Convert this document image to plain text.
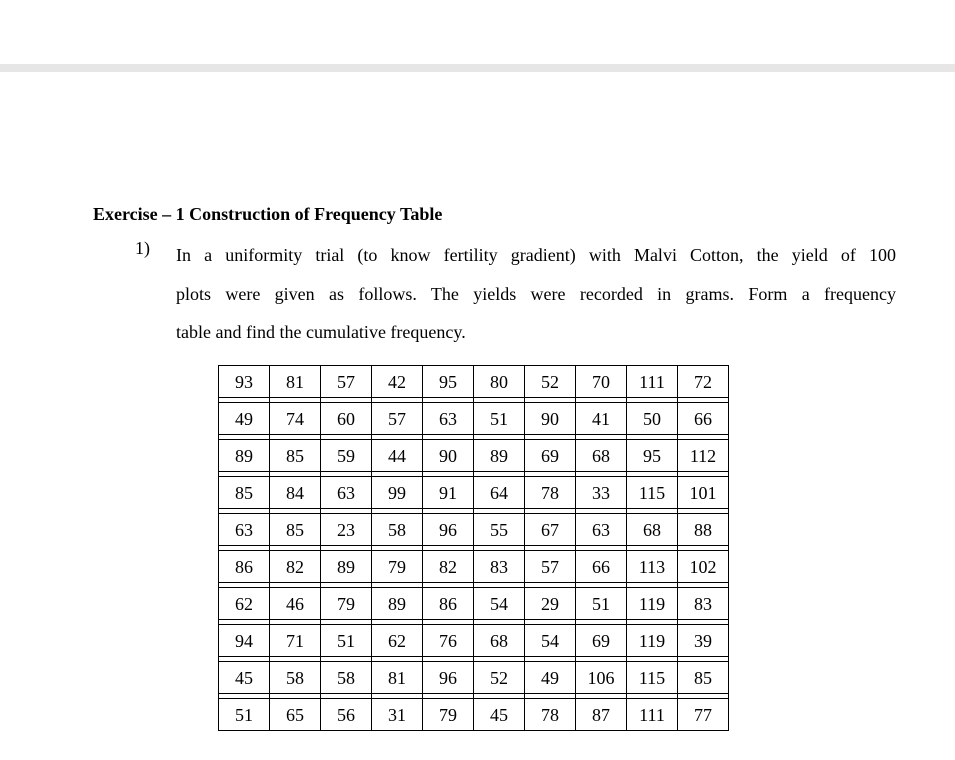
Exercise – 1 Construction of Frequency Table
1) In a uniformity trial (to know fertility gradient) with Malvi Cotton, the yield of 100
plots were given as follows. The yields were recorded in grams. Form a frequency
table and find the cumulative frequency.
93	81	57	42	95	80	52	70	111	72

49	74	60	57	63	51	90	41	50	66

89	85	59	44	90	89	69	68	95	112

85	84	63	99	91	64	78	33	115	101

63	85	23	58	96	55	67	63	68	88

86	82	89	79	82	83	57	66	113	102

62	46	79	89	86	54	29	51	119	83

94	71	51	62	76	68	54	69	119	39

45	58	58	81	96	52	49	106	115	85

51	65	56	31	79	45	78	87	111	77
